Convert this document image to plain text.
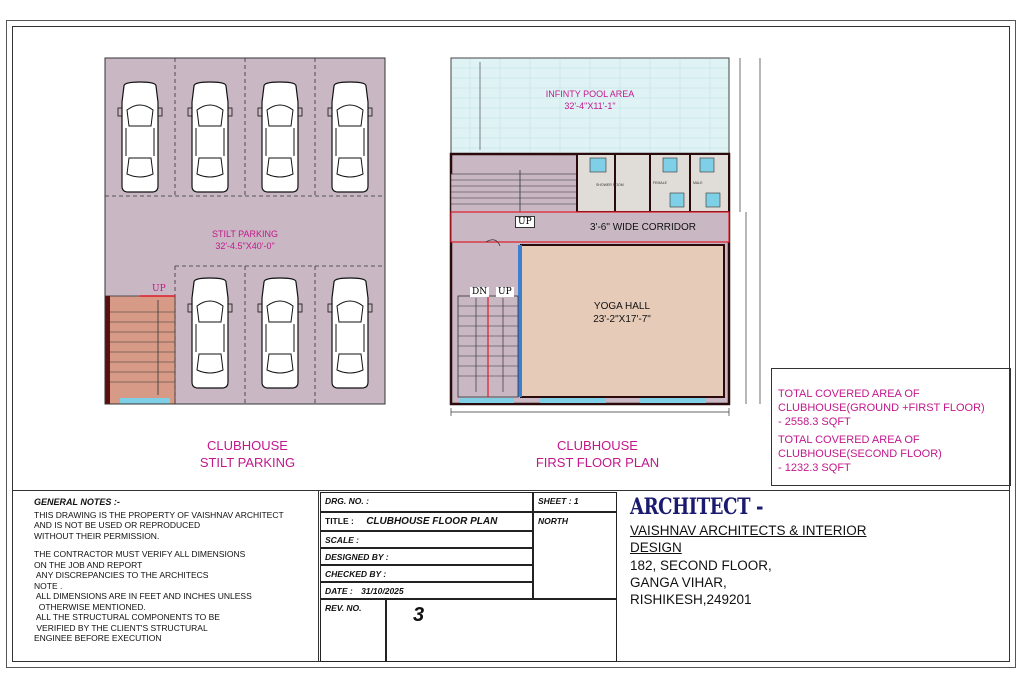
SHOWER ROOM	FEMALE	MALE
STILT PARKING
32'-4.5"X40'-0"
UP
INFINTY POOL AREA
32'-4"X11'-1"
3'-6" WIDE CORRIDOR
UP
DN UP
YOGA HALL
23'-2"X17'-7"
CLUBHOUSE
STILT PARKING
CLUBHOUSE
FIRST FLOOR PLAN
TOTAL COVERED AREA OF
CLUBHOUSE(GROUND +FIRST FLOOR)
- 2558.3 SQFT
TOTAL COVERED AREA OF
CLUBHOUSE(SECOND FLOOR)
- 1232.3 SQFT
GENERAL NOTES :-
THIS DRAWING IS THE PROPERTY OF VAISHNAV ARCHITECT
AND IS NOT BE USED OR REPRODUCED
WITHOUT THEIR PERMISSION.
THE CONTRACTOR MUST VERIFY ALL DIMENSIONS
ON THE JOB AND REPORT
ANY DISCREPANCIES TO THE ARCHITECS
NOTE .
ALL DIMENSIONS ARE IN FEET AND INCHES UNLESS
OTHERWISE MENTIONED.
ALL THE STRUCTURAL COMPONENTS TO BE
VERIFIED BY THE CLIENT'S STRUCTURAL
ENGINEE BEFORE EXECUTION
DRG. NO. :	SHEET : 1
TITLE : CLUBHOUSE FLOOR PLAN	NORTH
SCALE :
DESIGNED BY :
CHECKED BY :
DATE : 31/10/2025
REV. NO.	3
ARCHITECT -
VAISHNAV ARCHITECTS & INTERIOR
DESIGN
182, SECOND FLOOR,
GANGA VIHAR,
RISHIKESH,249201
